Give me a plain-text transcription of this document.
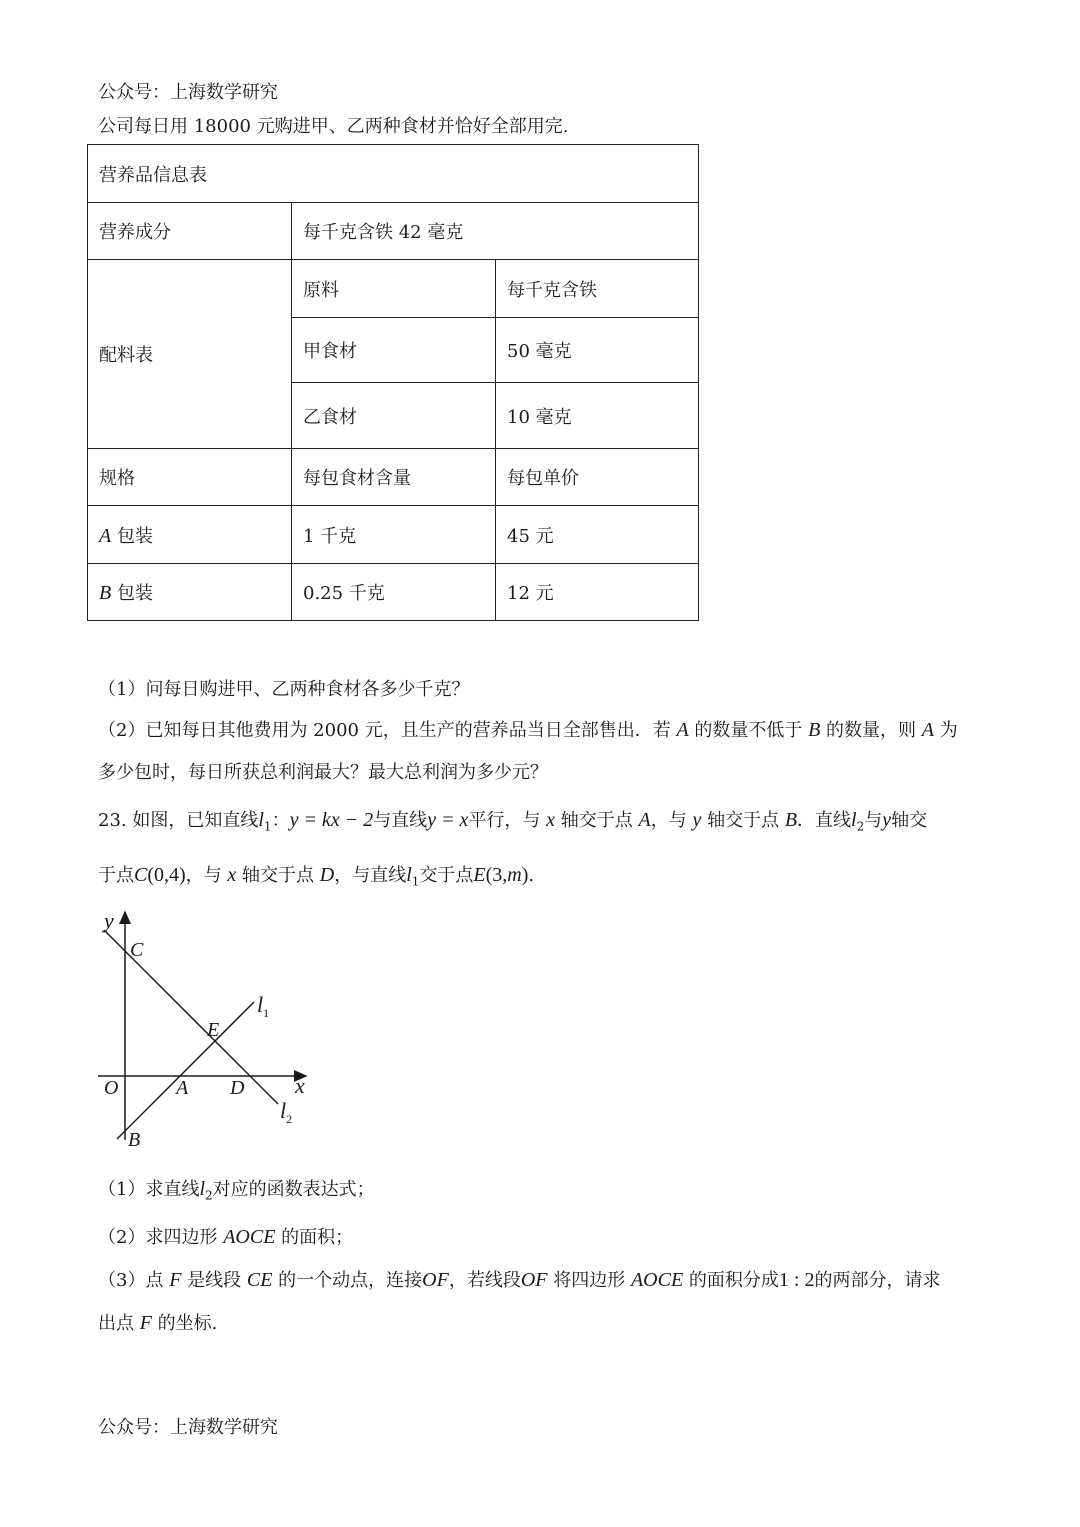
公众号：上海数学研究
公司每日用 18000 元购进甲、乙两种食材并恰好全部用完.
营养品信息表		
营养成分	每千克含铁 42 毫克	
配料表	原料	每千克含铁
	甲食材	50 毫克
	乙食材	10 毫克
规格	每包食材含量	每包单价
A 包装	1 千克	45 元
B 包装	0.25 千克	12 元
（1）问每日购进甲、乙两种食材各多少千克？
（2）已知每日其他费用为 2000 元，且生产的营养品当日全部售出．若 A 的数量不低于 B 的数量，则 A 为
多少包时，每日所获总利润最大？最大总利润为多少元？
23. 如图，已知直线$l_1$：y = kx − 2与直线y = x平行，与 x 轴交于点 A，与 y 轴交于点 B．直线$l_2$与y轴交
于点C(0,4)，与 x 轴交于点 D，与直线$l_1$交于点E(3,m).
y
x
C
E
O	A D
B
$l_1$
$l_2$
（1）求直线$l_2$对应的函数表达式；
（2）求四边形 AOCE 的面积；
（3）点 F 是线段 CE 的一个动点，连接OF，若线段OF 将四边形 AOCE 的面积分成1 : 2的两部分，请求
出点 F 的坐标.
公众号：上海数学研究
